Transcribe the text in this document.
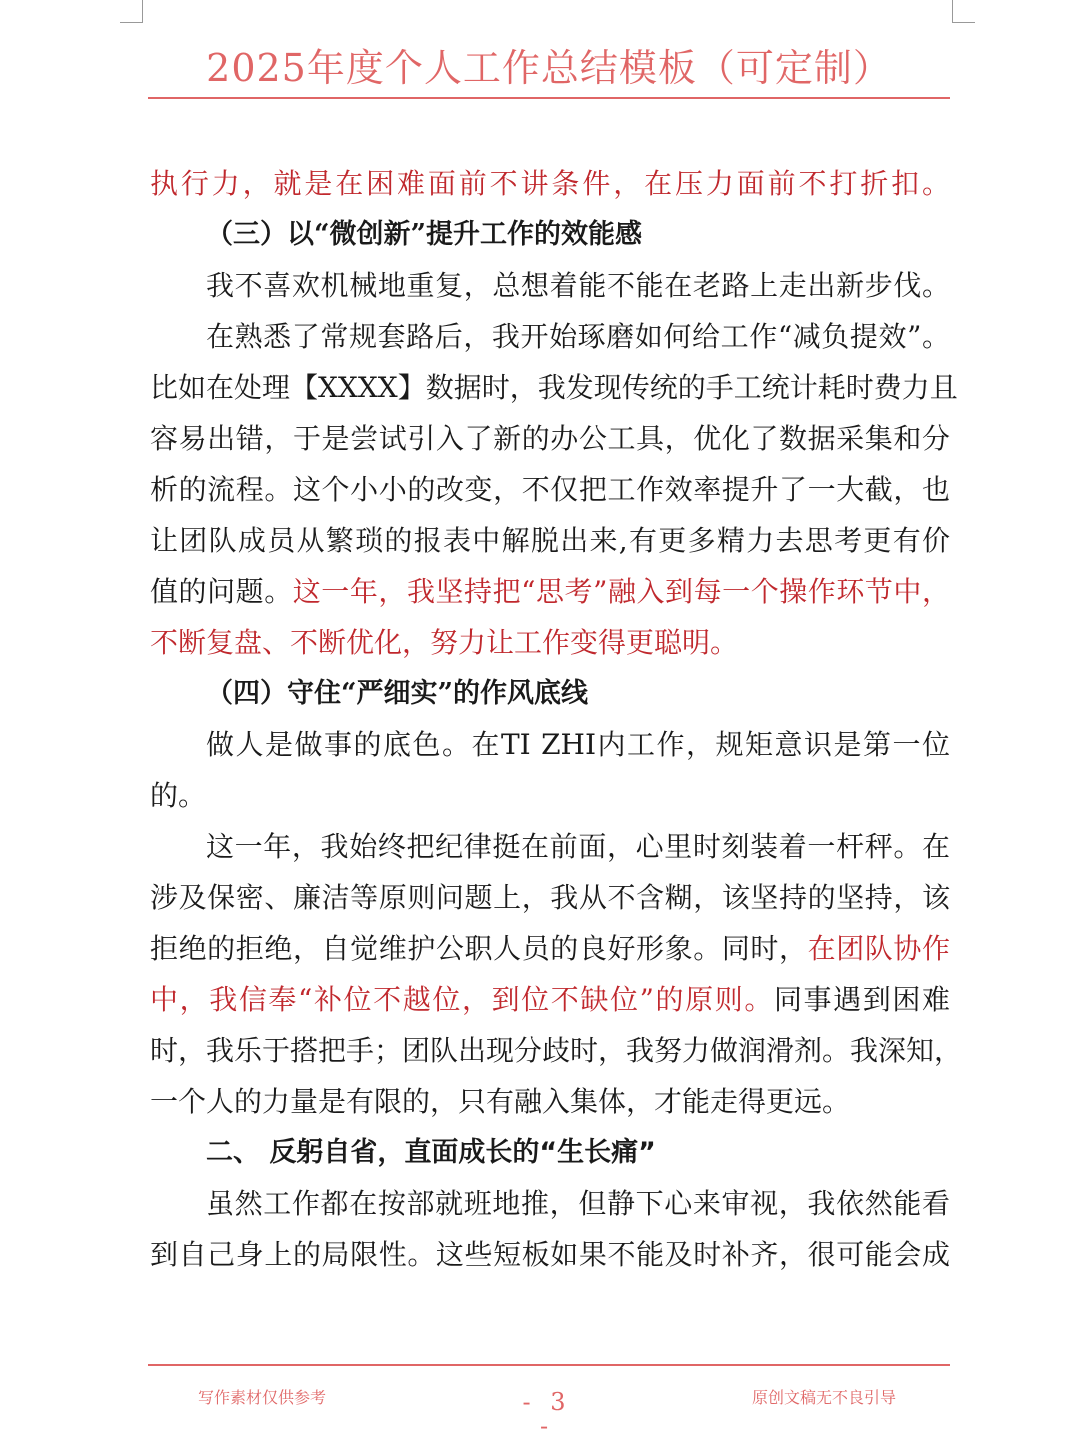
2025年度个人工作总结模板（可定制）
执行力，就是在困难面前不讲条件，在压力面前不打折扣。
（三）以“微创新”提升工作的效能感
我不喜欢机械地重复，总想着能不能在老路上走出新步伐。
在熟悉了常规套路后，我开始琢磨如何给工作“减负提效”。
比如在处理【XXXX】数据时，我发现传统的手工统计耗时费力且
容易出错，于是尝试引入了新的办公工具，优化了数据采集和分
析的流程。这个小小的改变，不仅把工作效率提升了一大截，也
让团队成员从繁琐的报表中解脱出来,有更多精力去思考更有价
值的问题。这一年，我坚持把“思考”融入到每一个操作环节中，
不断复盘、不断优化，努力让工作变得更聪明。
（四）守住“严细实”的作风底线
做人是做事的底色。在TI ZHI内工作，规矩意识是第一位
的。
这一年，我始终把纪律挺在前面，心里时刻装着一杆秤。在
涉及保密、廉洁等原则问题上，我从不含糊，该坚持的坚持，该
拒绝的拒绝，自觉维护公职人员的良好形象。同时，在团队协作
中，我信奉“补位不越位，到位不缺位”的原则。同事遇到困难
时，我乐于搭把手；团队出现分歧时，我努力做润滑剂。我深知，
一个人的力量是有限的，只有融入集体，才能走得更远。
二、 反躬自省，直面成长的“生长痛”
虽然工作都在按部就班地推，但静下心来审视，我依然能看
到自己身上的局限性。这些短板如果不能及时补齐，很可能会成
写作素材仅供参考	- 3 -
原创文稿无不良引导
